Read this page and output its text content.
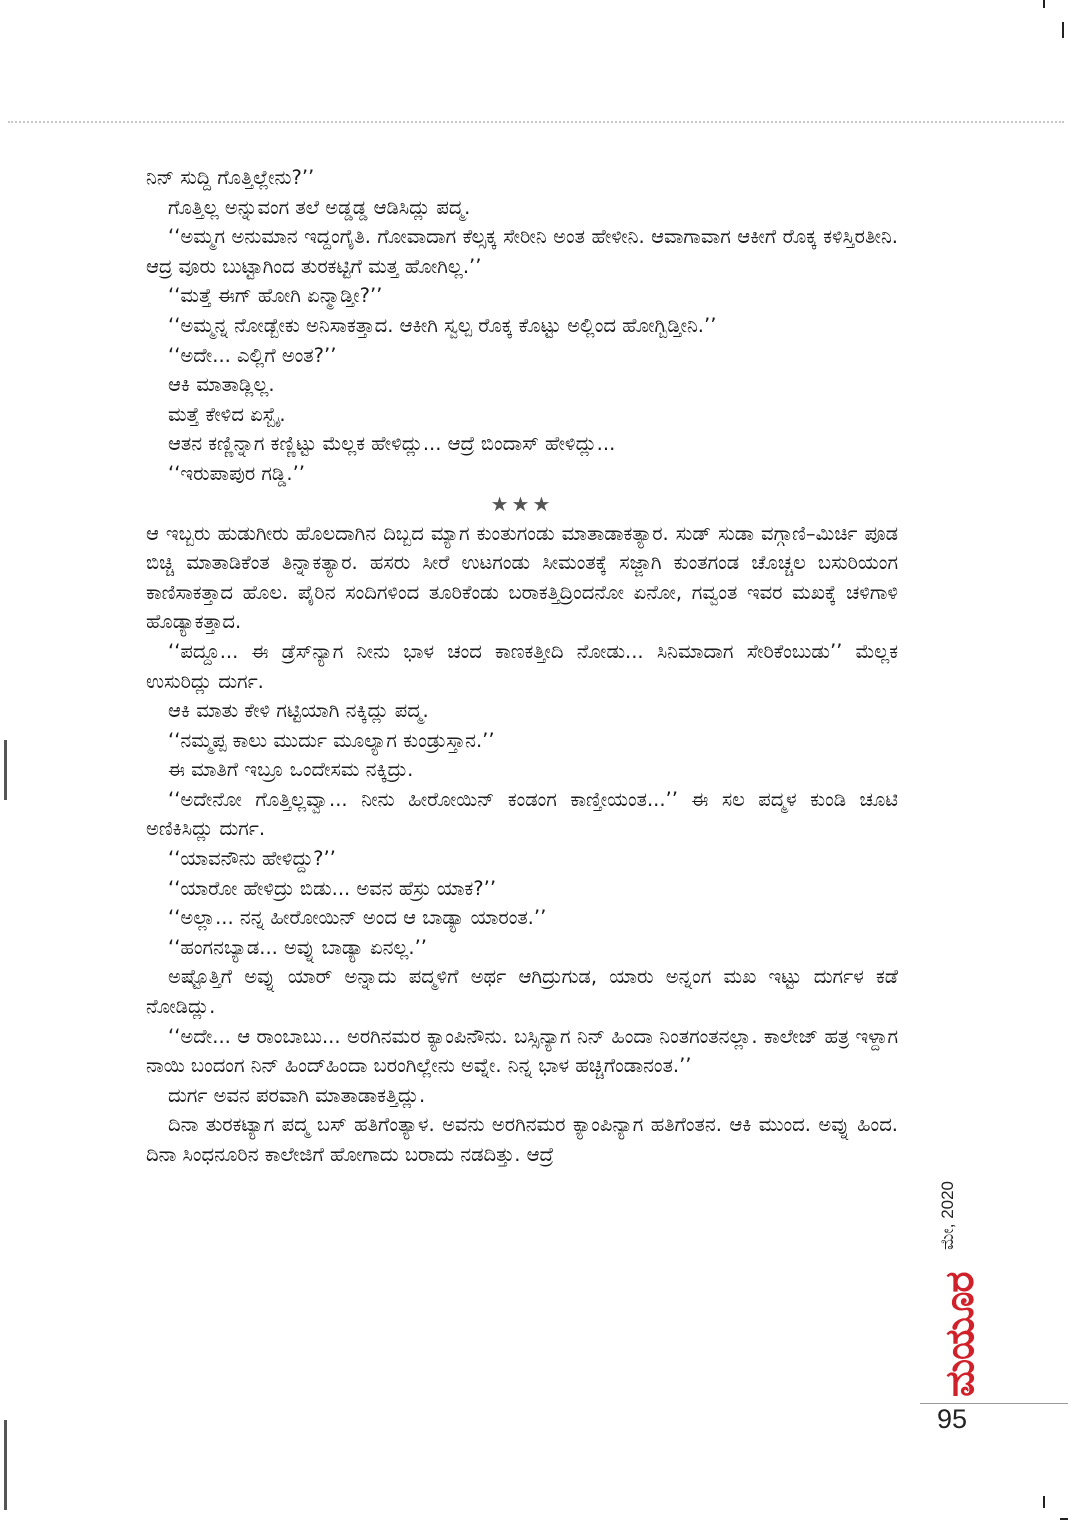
ನಿನ್ ಸುದ್ದಿ ಗೊತ್ತಿಲ್ಲೇನು?’’

ಗೊತ್ತಿಲ್ಲ ಅನ್ನುವಂಗ ತಲೆ ಅಡ್ಡಡ್ಡ ಆಡಿಸಿದ್ಲು ಪದ್ಮ.

‘‘ಅಮ್ಮಗ ಅನುಮಾನ ಇದ್ದಂಗೈತಿ. ಗೋವಾದಾಗ ಕೆಲ್ಸಕ್ಕ ಸೇರೀನಿ ಅಂತ ಹೇಳೀನಿ. ಆವಾಗಾವಾಗ ಆಕೀಗೆ ರೊಕ್ಕ ಕಳಿಸ್ತಿರತೀನಿ. ಆದ್ರ ವೂರು ಬುಟ್ಟಾಗಿಂದ ತುರಕಟ್ಟಿಗೆ ಮತ್ತ ಹೋಗಿಲ್ಲ.’’

‘‘ಮತ್ತೆ ಈಗ್ ಹೋಗಿ ಏನ್ಮಾಡ್ತೀ?’’

‘‘ಅಮ್ಮನ್ನ ನೋಡ್ಬೇಕು ಅನಿಸಾಕತ್ತಾದ. ಆಕೀಗಿ ಸ್ವಲ್ಪ ರೊಕ್ಕ ಕೊಟ್ಟು ಅಲ್ಲಿಂದ ಹೋಗ್ಬಿಡ್ತೀನಿ.’’

‘‘ಅದೇ... ಎಲ್ಲಿಗೆ ಅಂತ?’’

ಆಕಿ ಮಾತಾಡ್ಲಿಲ್ಲ.

ಮತ್ತೆ ಕೇಳಿದ ಏಸ್ಬೈ.

ಆತನ ಕಣ್ಣಿನ್ನಾಗ ಕಣ್ಣಿಟ್ಟು ಮೆಲ್ಲಕ ಹೇಳಿದ್ಲು... ಆದ್ರೆ ಬಿಂದಾಸ್ ಹೇಳಿದ್ಲು...

‘‘ಇರುಪಾಪುರ ಗಡ್ಡಿ.’’

★★★

ಆ ಇಬ್ಬರು ಹುಡುಗೀರು ಹೊಲದಾಗಿನ ದಿಬ್ಬದ ಮ್ಯಾಗ ಕುಂತುಗಂಡು ಮಾತಾಡಾಕತ್ಯಾರ. ಸುಡ್ ಸುಡಾ ವಗ್ಗಾಣಿ–ಮಿರ್ಚಿ ಪೂಡ ಬಿಚ್ಚಿ ಮಾತಾಡಿಕೆಂತ ತಿನ್ನಾಕತ್ಯಾರ. ಹಸರು ಸೀರೆ ಉಟಗಂಡು ಸೀಮಂತಕ್ಕೆ ಸಜ್ಜಾಗಿ ಕುಂತಗಂಡ ಚೊಚ್ಚಲ ಬಸುರಿಯಂಗ ಕಾಣಿಸಾಕತ್ತಾದ ಹೊಲ. ಪೈರಿನ ಸಂದಿಗಳಿಂದ ತೂರಿಕೆಂಡು ಬರಾಕತ್ತಿದ್ರಿಂದನೋ ಏನೋ, ಗವ್ವಂತ ಇವರ ಮಖಕ್ಕೆ ಚಳಿಗಾಳಿ ಹೊಡ್ಯಾಕತ್ತಾದ.

‘‘ಪದ್ದೂ... ಈ ಡ್ರೆಸ್‌ನ್ಯಾಗ ನೀನು ಭಾಳ ಚಂದ ಕಾಣಕತ್ತೀದಿ ನೋಡು... ಸಿನಿಮಾದಾಗ ಸೇರಿಕೆಂಬುಡು’’ ಮೆಲ್ಲಕ ಉಸುರಿದ್ಲು ದುರ್ಗ.

ಆಕಿ ಮಾತು ಕೇಳಿ ಗಟ್ಟಿಯಾಗಿ ನಕ್ಕಿದ್ಲು ಪದ್ಮ.

‘‘ನಮ್ಮಪ್ಪ ಕಾಲು ಮುರ್ದು ಮೂಲ್ಯಾಗ ಕುಂಡ್ರುಸ್ತಾನ.’’

ಈ ಮಾತಿಗೆ ಇಬ್ರೂ ಒಂದೇಸಮ ನಕ್ಕಿದ್ರು.

‘‘ಅದೇನೋ ಗೊತ್ತಿಲ್ಲವ್ವಾ... ನೀನು ಹೀರೋಯಿನ್ ಕಂಡಂಗ ಕಾಣ್ತೀಯಂತ...’’ ಈ ಸಲ ಪದ್ಮಳ ಕುಂಡಿ ಚೂಟಿ ಅಣಿಕಿಸಿದ್ಲು ದುರ್ಗ.

‘‘ಯಾವನೌನು ಹೇಳಿದ್ದು?’’

‘‘ಯಾರೋ ಹೇಳಿದ್ರು ಬಿಡು... ಅವನ ಹೆಸ್ರು ಯಾಕ?’’

‘‘ಅಲ್ಲಾ... ನನ್ನ ಹೀರೋಯಿನ್ ಅಂದ ಆ ಬಾಡ್ಯಾ ಯಾರಂತ.’’

‘‘ಹಂಗನಬ್ಯಾಡ... ಅವ್ನು ಬಾಡ್ಯಾ ಏನಲ್ಲ.’’

ಅಷ್ಟೊತ್ತಿಗೆ ಅವ್ನು ಯಾರ್ ಅನ್ನಾದು ಪದ್ಮಳಿಗೆ ಅರ್ಥ ಆಗಿದ್ರುಗುಡ, ಯಾರು ಅನ್ನಂಗ ಮಖ ಇಟ್ಟು ದುರ್ಗಳ ಕಡೆ ನೋಡಿದ್ಲು.

‘‘ಅದೇ... ಆ ರಾಂಬಾಬು... ಅರಗಿನಮರ ಕ್ಯಾಂಪಿನೌನು. ಬಸ್ಸಿನ್ಯಾಗ ನಿನ್ ಹಿಂದಾ ನಿಂತಗಂತನಲ್ಲಾ. ಕಾಲೇಜ್ ಹತ್ರ ಇಳ್ದಾಗ ನಾಯಿ ಬಂದಂಗ ನಿನ್ ಹಿಂದ್‌ಹಿಂದಾ ಬರಂಗಿಲ್ಲೇನು ಅವ್ನೇ. ನಿನ್ನ ಭಾಳ ಹಚ್ಚಿಗೆಂಡಾನಂತ.’’

ದುರ್ಗ ಅವನ ಪರವಾಗಿ ಮಾತಾಡಾಕತ್ತಿದ್ಲು.

ದಿನಾ ತುರಕಟ್ಯಾಗ ಪದ್ಮ ಬಸ್ ಹತಿಗೆಂತ್ಯಾಳ. ಅವನು ಅರಗಿನಮರ ಕ್ಯಾಂಪಿನ್ಯಾಗ ಹತಿಗೆಂತನ. ಆಕಿ ಮುಂದ. ಅವ್ನು ಹಿಂದ. ದಿನಾ ಸಿಂಧನೂರಿನ ಕಾಲೇಜಿಗೆ ಹೋಗಾದು ಬರಾದು ನಡದಿತ್ತು. ಆದ್ರೆ

ಮೇ, 2020
ಮಯೂರ
95
